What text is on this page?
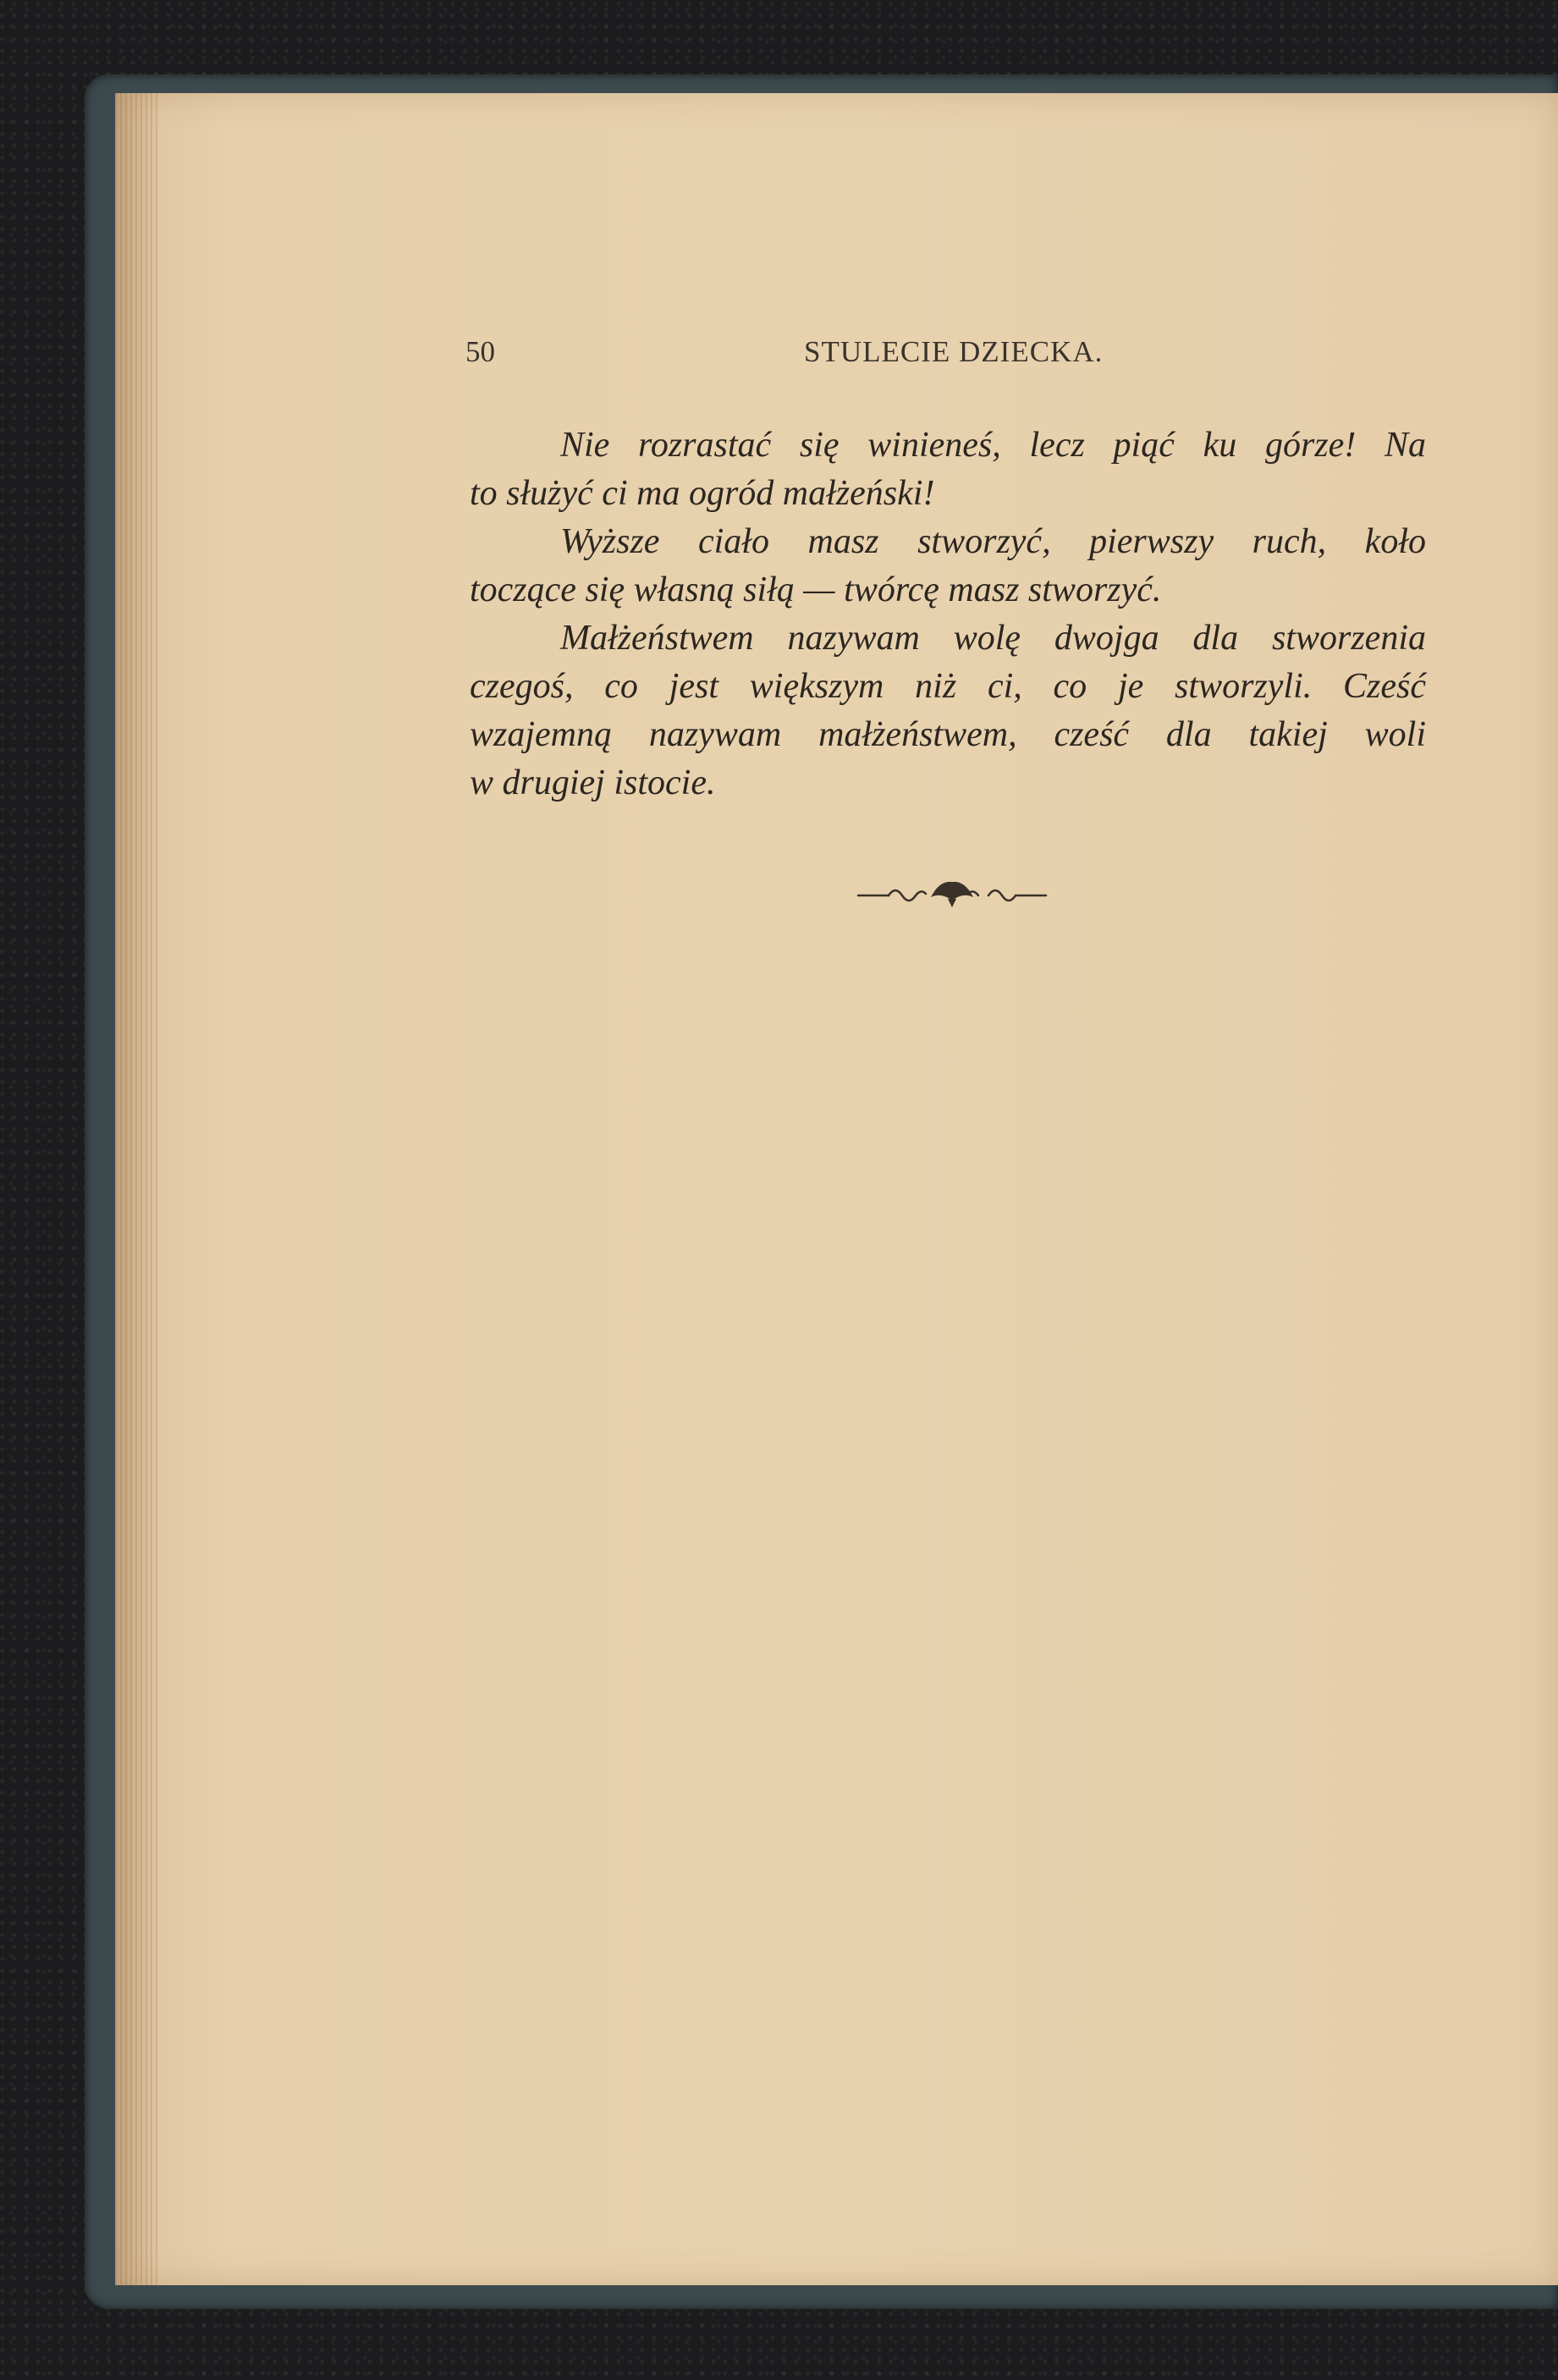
50	STULECIE DZIECKA.
Nie rozrastać się winieneś, lecz piąć ku górze! Na
to służyć ci ma ogród małżeński!
Wyższe ciało masz stworzyć, pierwszy ruch, koło
toczące się własną siłą — twórcę masz stworzyć.
Małżeństwem nazywam wolę dwojga dla stworzenia
czegoś, co jest większym niż ci, co je stworzyli. Cześć
wzajemną nazywam małżeństwem, cześć dla takiej woli
w drugiej istocie.
